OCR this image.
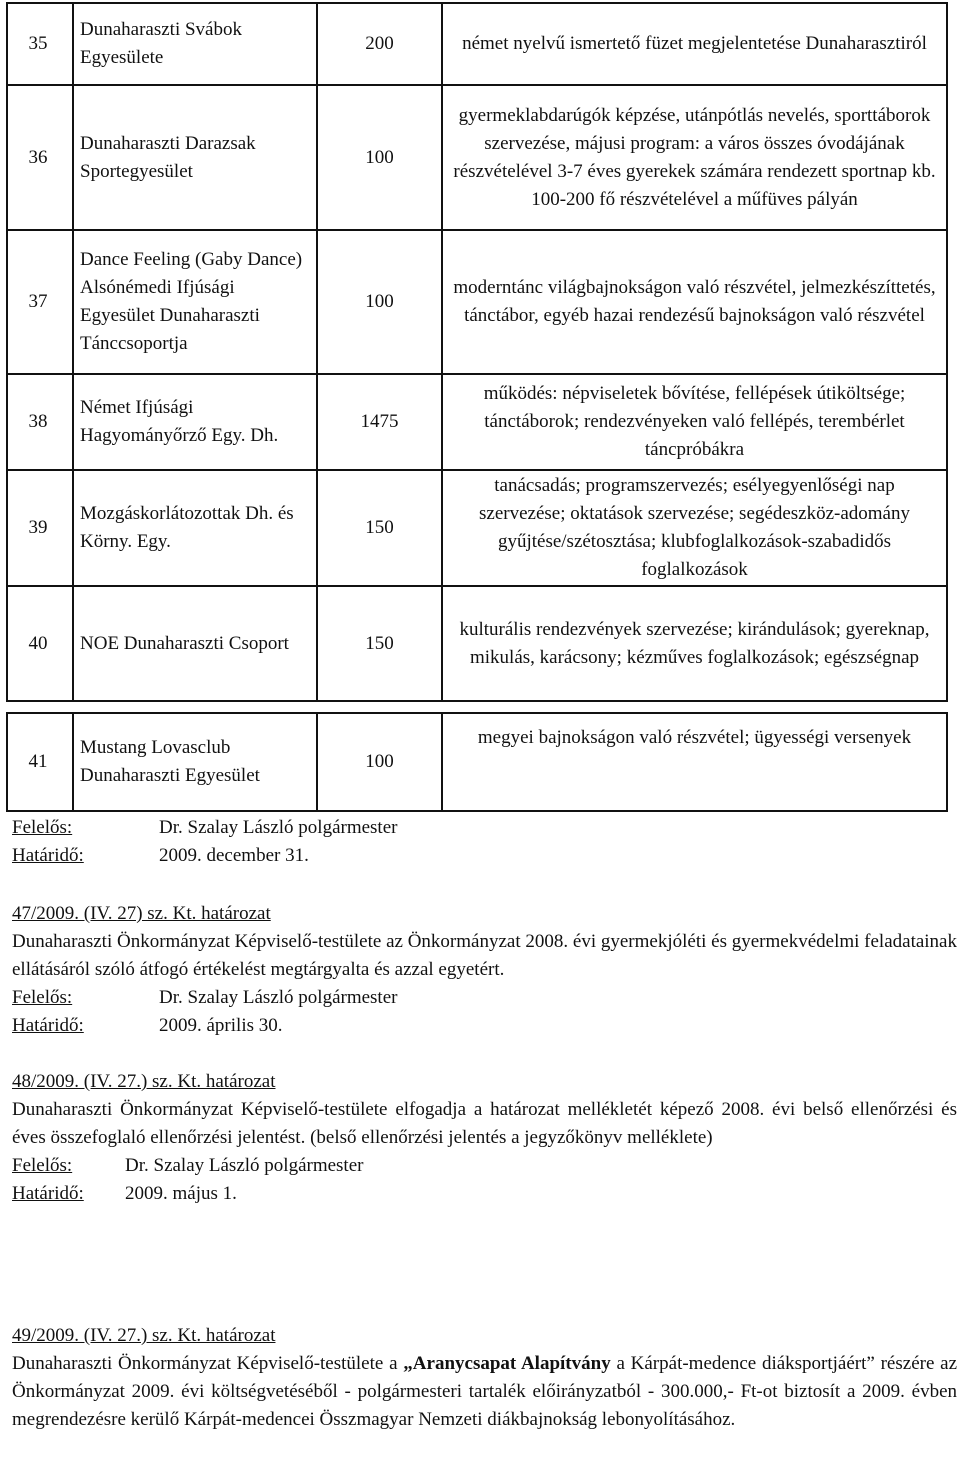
35	Dunaharaszti Svábok Egyesülete	200	német nyelvű ismertető füzet megjelentetése Dunaharasztiról
36	Dunaharaszti Darazsak Sportegyesület	100	gyermeklabdarúgók képzése, utánpótlás nevelés, sporttáborok szervezése, májusi program: a város összes óvodájának részvételével 3-7 éves gyerekek számára rendezett sportnap kb. 100-200 fő részvételével a műfüves pályán
37	Dance Feeling (Gaby Dance) Alsónémedi Ifjúsági Egyesület Dunaharaszti Tánccsoportja	100	moderntánc világbajnokságon való részvétel, jelmezkészíttetés, tánctábor, egyéb hazai rendezésű bajnokságon való részvétel
38	Német Ifjúsági Hagyományőrző Egy. Dh.	1475	működés: népviseletek bővítése, fellépések útiköltsége; tánctáborok; rendezvényeken való fellépés, terembérlet táncpróbákra
39	Mozgáskorlátozottak Dh. és Körny. Egy.	150	tanácsadás; programszervezés; esélyegyenlőségi nap szervezése; oktatások szervezése; segédeszköz-adomány gyűjtése/szétosztása; klubfoglalkozások-szabadidős foglalkozások
40	NOE Dunaharaszti Csoport	150	kulturális rendezvények szervezése; kirándulások; gyereknap, mikulás, karácsony; kézműves foglalkozások; egészségnap

41	Mustang Lovasclub Dunaharaszti Egyesület	100	megyei bajnokságon való részvétel; ügyességi versenyek
Felelős:	Dr. Szalay László polgármester
Határidő:	2009. december 31.
47/2009. (IV. 27) sz. Kt. határozat
Dunaharaszti Önkormányzat Képviselő-testülete az Önkormányzat 2008. évi gyermekjóléti és gyermekvédelmi feladatainak ellátásáról szóló átfogó értékelést megtárgyalta és azzal egyetért.
Felelős:	Dr. Szalay László polgármester
Határidő:	2009. április 30.
48/2009. (IV. 27.) sz. Kt. határozat
Dunaharaszti Önkormányzat Képviselő-testülete elfogadja a határozat mellékletét képező 2008. évi belső ellenőrzési és éves összefoglaló ellenőrzési jelentést. (belső ellenőrzési jelentés a jegyzőkönyv melléklete)
Felelős:	Dr. Szalay László polgármester
Határidő: 2009. május 1.
49/2009. (IV. 27.) sz. Kt. határozat
Dunaharaszti Önkormányzat Képviselő-testülete a „Aranycsapat Alapítvány a Kárpát-medence diáksportjáért” részére az Önkormányzat 2009. évi költségvetéséből - polgármesteri tartalék előirányzatból - 300.000,- Ft-ot biztosít a 2009. évben megrendezésre kerülő Kárpát-medencei Összmagyar Nemzeti diákbajnokság lebonyolításához.
